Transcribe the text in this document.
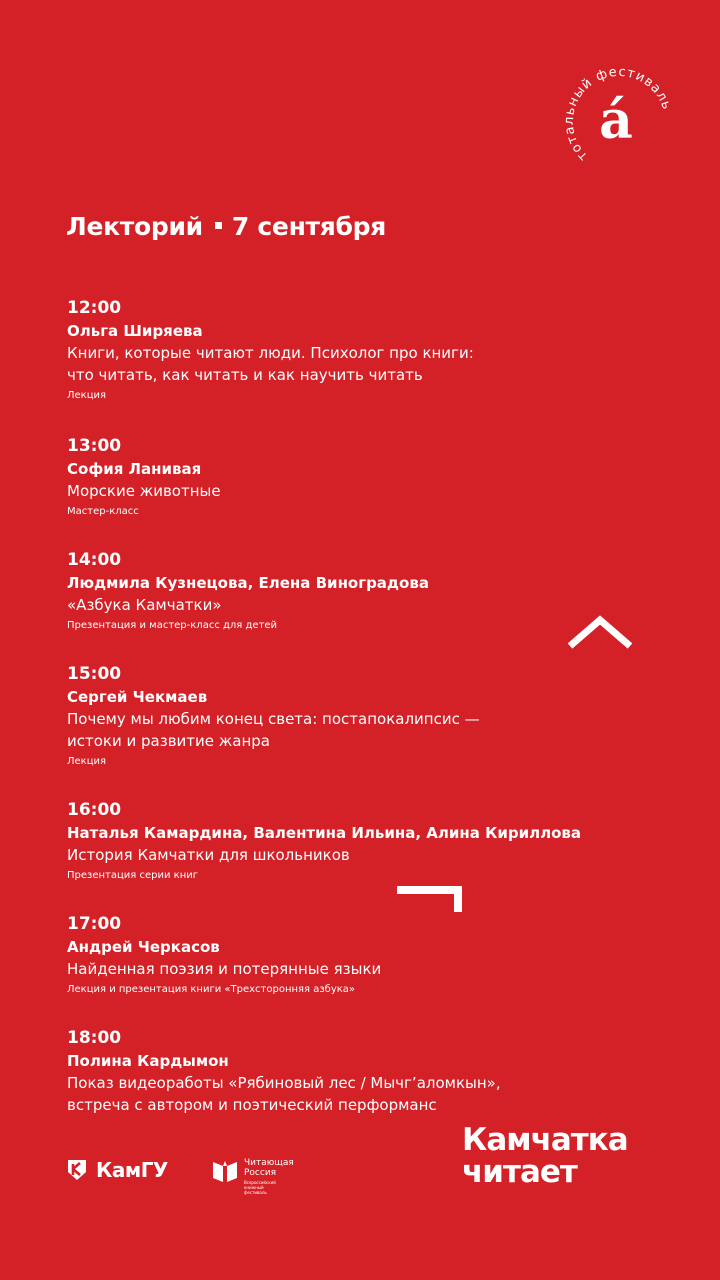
тотальный фестивал
а́
Лекторий 7 сентября
12:00
Ольга Ширяева
Книги, которые читают люди. Психолог про книги:
что читать, как читать и как научить читать
Лекция
13:00
София Ланивая
Морские животные
Мастер-класс
14:00
Людмила Кузнецова, Елена Виноградова
«Азбука Камчатки»
Презентация и мастер-класс для детей
15:00
Сергей Чекмаев
Почему мы любим конец света: постапокалипсис —
истоки и развитие жанра
Лекция
16:00
Наталья Камардина, Валентина Ильина, Алина Кириллова
История Камчатки для школьников
Презентация серии книг
17:00
Андрей Черкасов
Найденная поэзия и потерянные языки
Лекция и презентация книги «Трехсторонняя азбука»
18:00
Полина Кардымон
Показ видеоработы «Рябиновый лес / Мычг’аломкын»,
встреча с автором и поэтический перформанс
КамГУ	Читающая
Россия
Всероссийский книжный
фестиваль
Камчатка
читает
